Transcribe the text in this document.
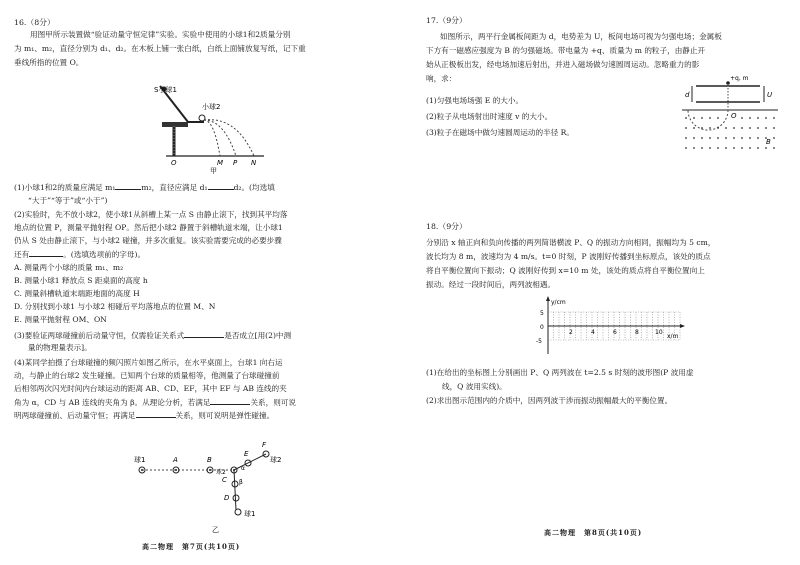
16.（8分）
用图甲所示装置做“验证动量守恒定律”实验。实验中使用的小球1和2质量分别
为 m₁、m₂，直径分别为 d₁、d₂。在木板上铺一张白纸，白纸上面铺放复写纸，记下重
垂线所指的位置 O。
S小球1
小球2
O	M P N
甲
(1)小球1和2的质量应满足 m₁	m₂，直径应满足 d₁	d₂。(均选填
“大于”“等于”或“小于”)
(2)实验时，先不放小球2，使小球1从斜槽上某一点 S 由静止滚下，找到其平均落
地点的位置 P，测量平抛射程 OP。然后把小球2 静置于斜槽轨道末端，让小球1
仍从 S 处由静止滚下，与小球2 碰撞，并多次重复。该实验需要完成的必要步骤
还有	。(选填选项前的字母)。
A. 测量两个小球的质量 m₁、m₂
B. 测量小球1 释放点 S 距桌面的高度 h
C. 测量斜槽轨道末端距地面的高度 H
D. 分别找到小球1 与小球2 相碰后平均落地点的位置 M、N
E. 测量平抛射程 OM、ON
(3)要验证两球碰撞前后动量守恒，仅需验证关系式	是否成立[用(2)中测
量的物理量表示]。
(4)某同学拍摄了台球碰撞的频闪照片如图乙所示，在水平桌面上，台球1 向右运
动，与静止的台球2 发生碰撞。已知两个台球的质量相等，他测量了台球碰撞前
后相邻两次闪光时间内台球运动的距离 AB、CD、EF，其中 EF 与 AB 连线的夹
角为 α，CD 与 AB 连线的夹角为 β。从理论分析，若满足	关系，则可说
明两球碰撞前、后动量守恒；再满足	关系，则可说明是弹性碰撞。
球1	A	B
C
D
E
F
α
β
球2
球2
球1
乙
高二物理　第7页(共10页)
17.（9分）
如图所示，两平行金属板间距为 d，电势差为 U，板间电场可视为匀强电场；金属板
下方有一磁感应强度为 B 的匀强磁场。带电量为 +q、质量为 m 的粒子，由静止开
始从正极板出发，经电场加速后射出，并进入磁场做匀速圆周运动。忽略重力的影
响，求：
(1)匀强电场场强 E 的大小。
(2)粒子从电场射出时速度 v 的大小。
(3)粒子在磁场中做匀速圆周运动的半径 R。
+q, m
d	U
O
B
18.（9分）
分别沿 x 轴正向和负向传播的两列简谐横波 P、Q 的振动方向相同，振幅均为 5 cm，
波长均为 8 m，波速均为 4 m/s。t=0 时刻，P 波刚好传播到坐标原点，该处的质点
将自平衡位置向下振动；Q 波刚好传到 x=10 m 处，该处的质点将自平衡位置向上
振动。经过一段时间后，两列波相遇。
y/cm
x/m
5
0
-5
2	4	6	8	10
(1)在给出的坐标图上分别画出 P、Q 两列波在 t=2.5 s 时刻的波形图(P 波用虚
线，Q 波用实线)。
(2)求出图示范围内的介质中，因两列波干涉而振动振幅最大的平衡位置。
高二物理　第8页(共10页)
